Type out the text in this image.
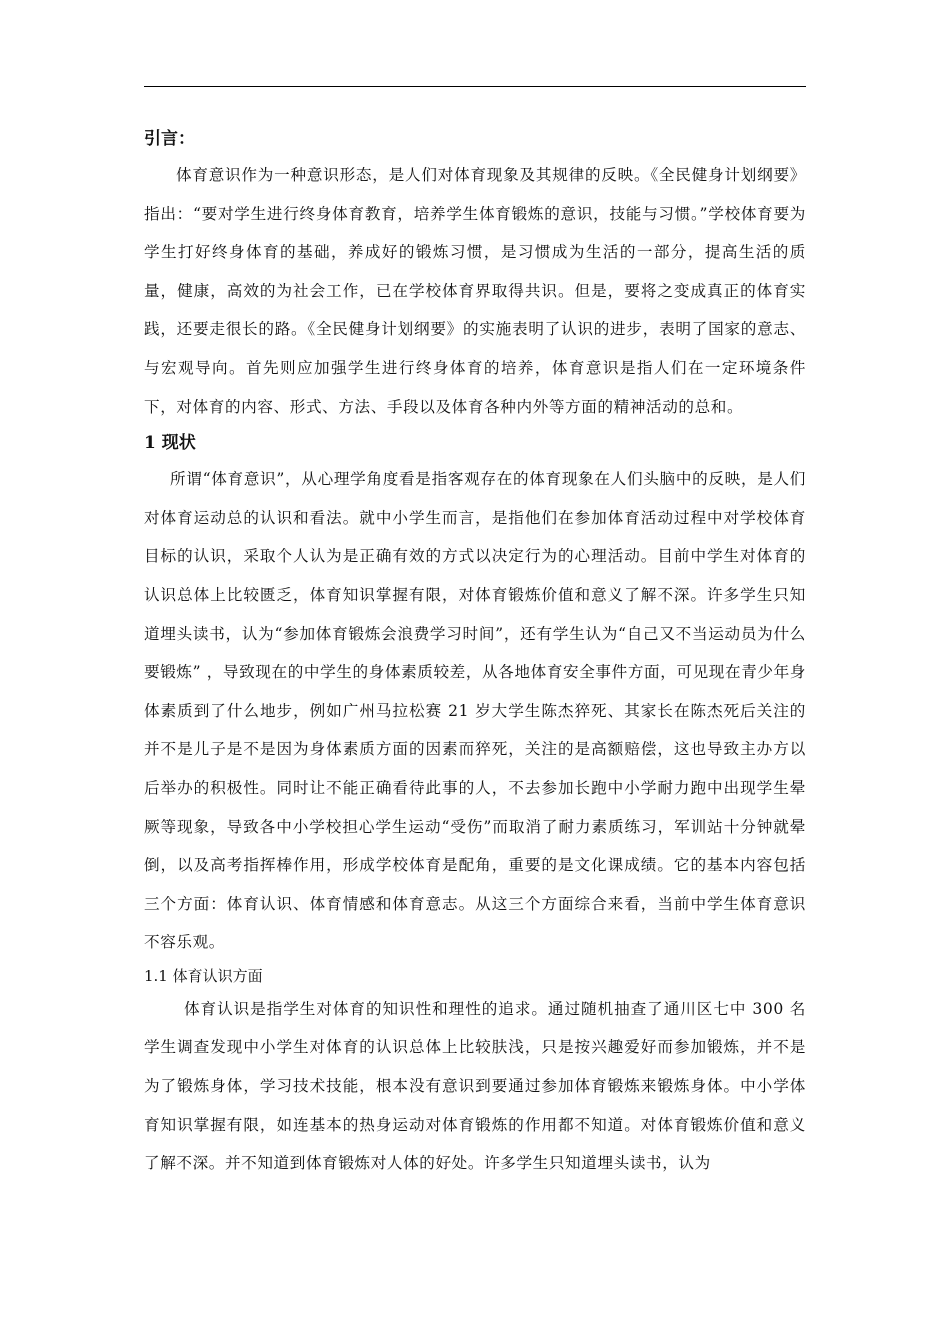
引言：

体育意识作为一种意识形态，是人们对体育现象及其规律的反映。《全民健身计划纲要》指出：“要对学生进行终身体育教育，培养学生体育锻炼的意识，技能与习惯。”学校体育要为学生打好终身体育的基础，养成好的锻炼习惯，是习惯成为生活的一部分，提高生活的质量，健康，高效的为社会工作，已在学校体育界取得共识。但是，要将之变成真正的体育实践，还要走很长的路。《全民健身计划纲要》的实施表明了认识的进步，表明了国家的意志、与宏观导向。首先则应加强学生进行终身体育的培养，体育意识是指人们在一定环境条件下，对体育的内容、形式、方法、手段以及体育各种内外等方面的精神活动的总和。

1 现状

所谓“体育意识”，从心理学角度看是指客观存在的体育现象在人们头脑中的反映，是人们对体育运动总的认识和看法。就中小学生而言，是指他们在参加体育活动过程中对学校体育目标的认识，采取个人认为是正确有效的方式以决定行为的心理活动。目前中学生对体育的认识总体上比较匮乏，体育知识掌握有限，对体育锻炼价值和意义了解不深。许多学生只知道埋头读书，认为“参加体育锻炼会浪费学习时间”，还有学生认为“自己又不当运动员为什么要锻炼” ，导致现在的中学生的身体素质较差，从各地体育安全事件方面，可见现在青少年身体素质到了什么地步，例如广州马拉松赛 21 岁大学生陈杰猝死、其家长在陈杰死后关注的并不是儿子是不是因为身体素质方面的因素而猝死，关注的是高额赔偿，这也导致主办方以后举办的积极性。同时让不能正确看待此事的人，不去参加长跑中小学耐力跑中出现学生晕厥等现象，导致各中小学校担心学生运动“受伤”而取消了耐力素质练习，军训站十分钟就晕倒，以及高考指挥棒作用，形成学校体育是配角，重要的是文化课成绩。它的基本内容包括三个方面：体育认识、体育情感和体育意志。从这三个方面综合来看，当前中学生体育意识不容乐观。

1.1 体育认识方面

体育认识是指学生对体育的知识性和理性的追求。通过随机抽查了通川区七中 300 名学生调查发现中小学生对体育的认识总体上比较肤浅，只是按兴趣爱好而参加锻炼，并不是为了锻炼身体，学习技术技能，根本没有意识到要通过参加体育锻炼来锻炼身体。中小学体育知识掌握有限，如连基本的热身运动对体育锻炼的作用都不知道。对体育锻炼价值和意义了解不深。并不知道到体育锻炼对人体的好处。许多学生只知道埋头读书，认为
